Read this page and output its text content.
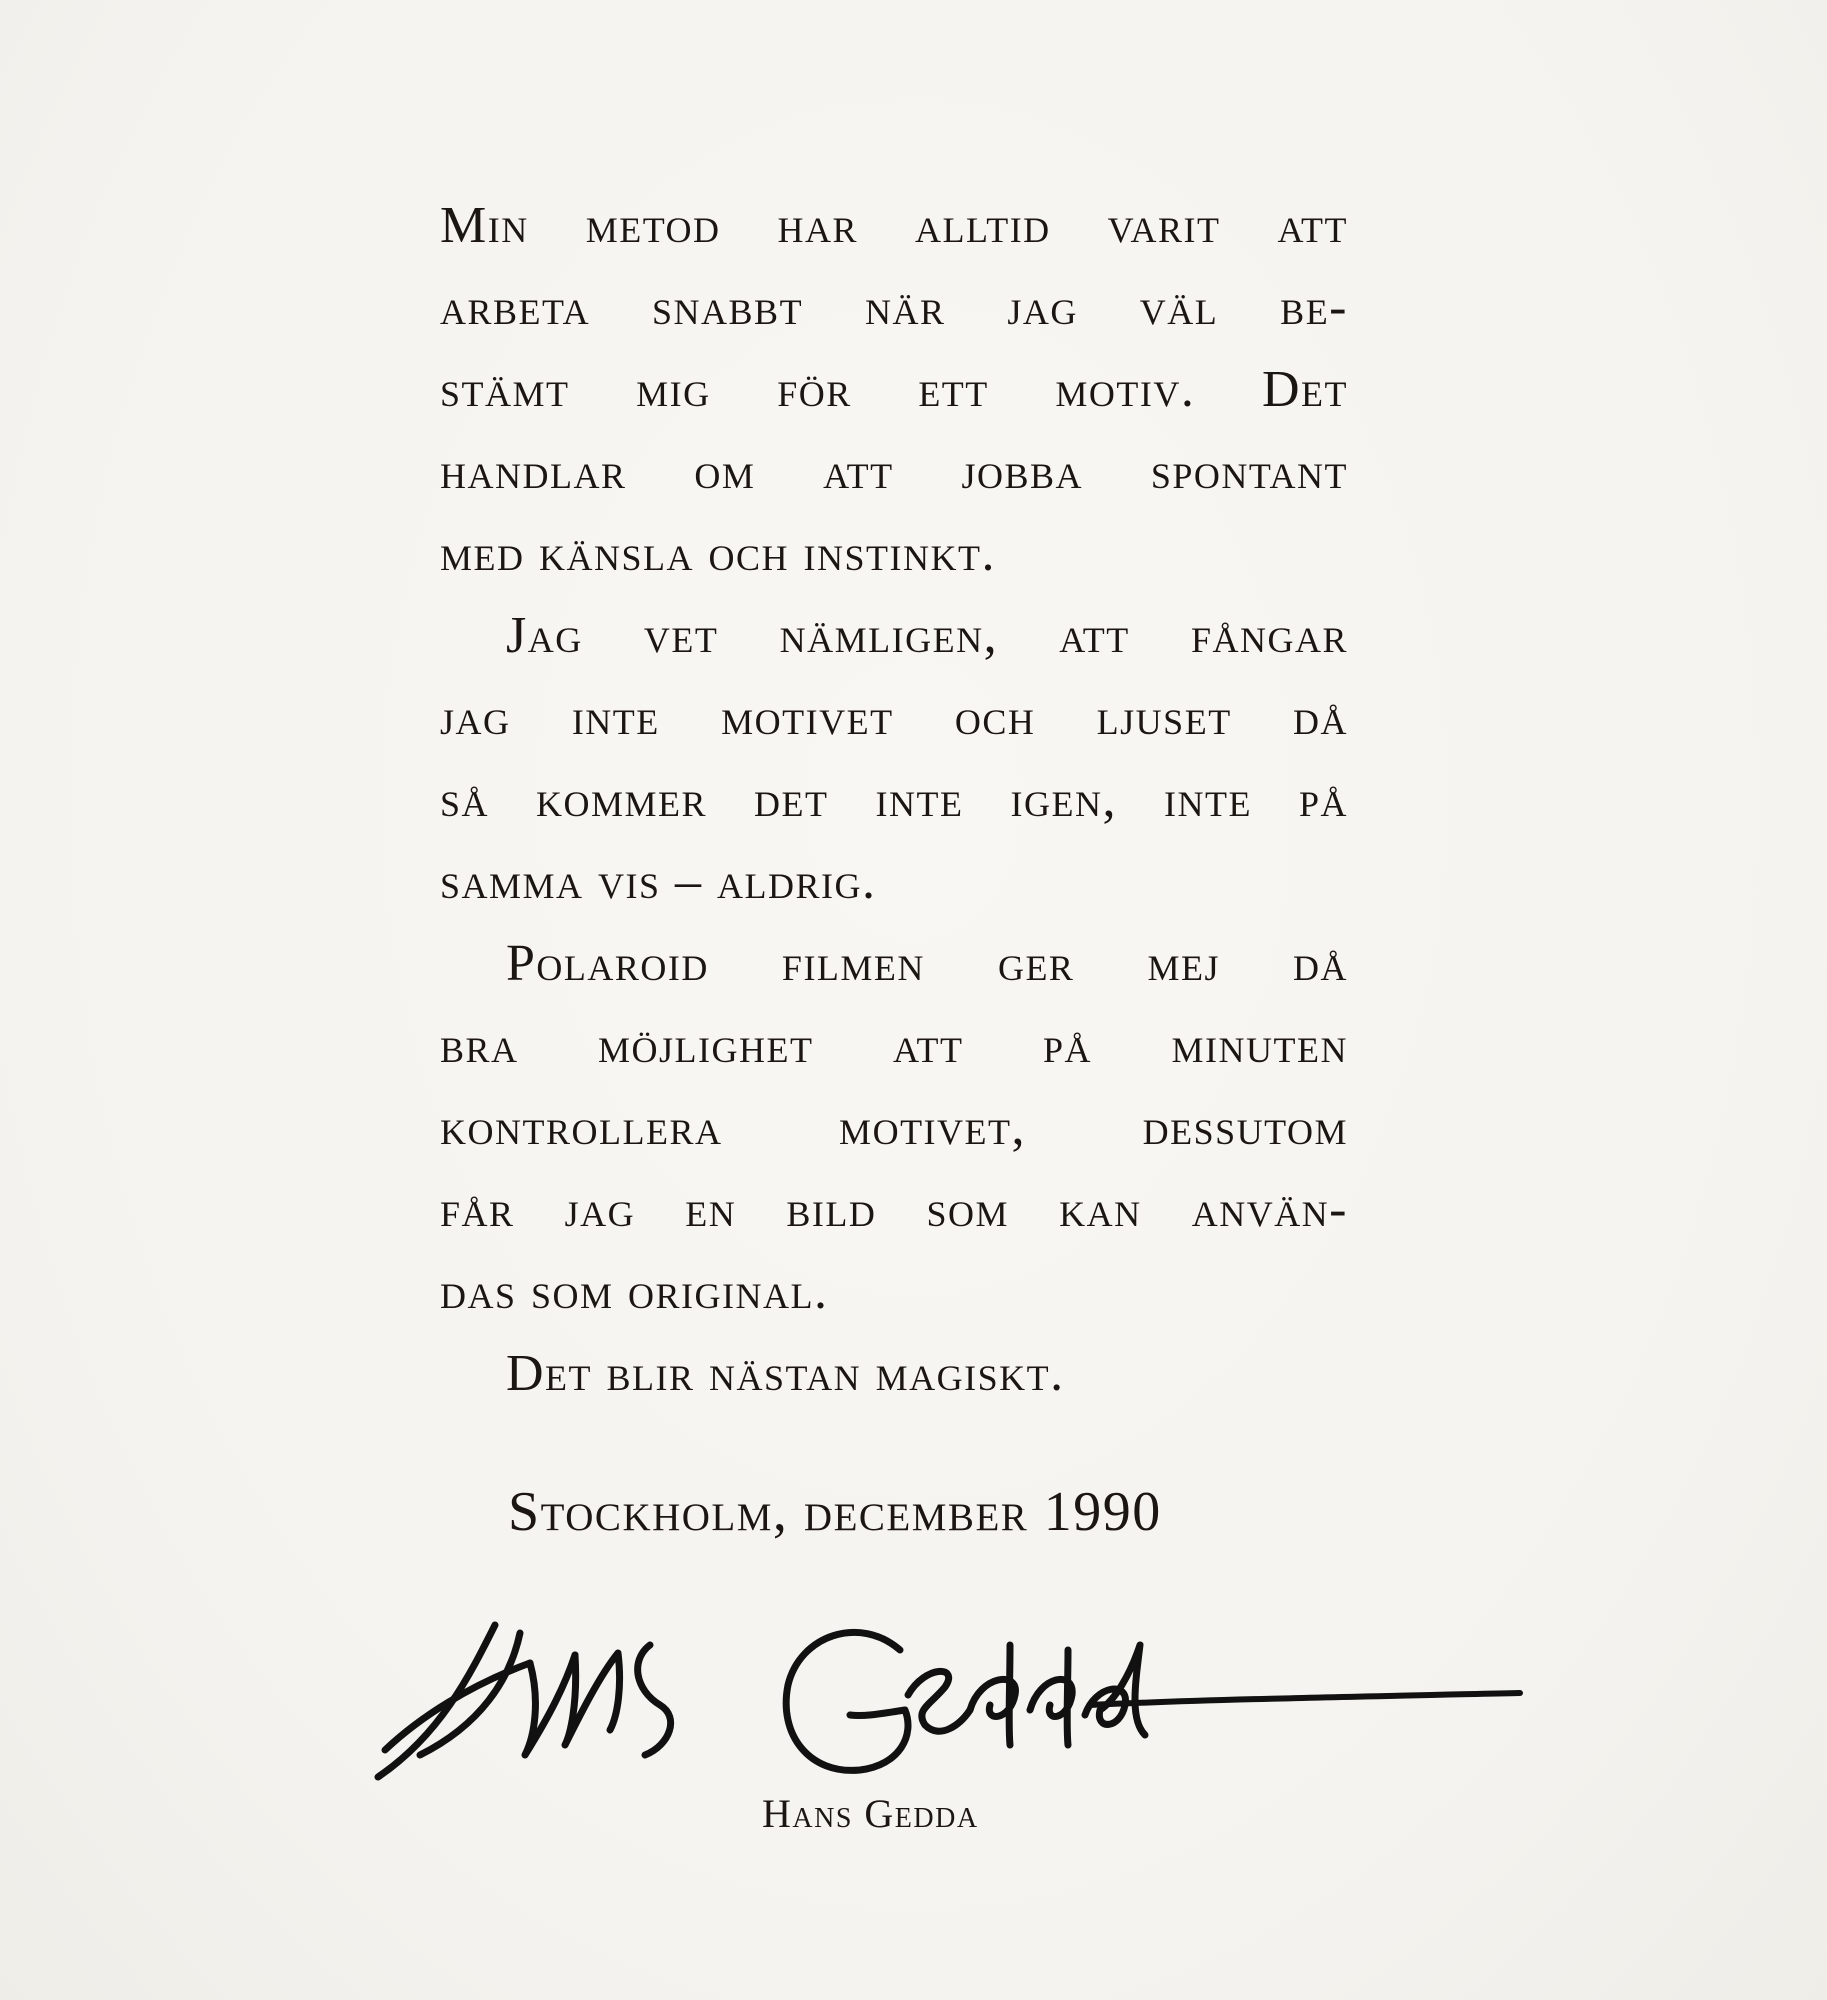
Min metod har alltid varit att
arbeta snabbt när jag väl be-
stämt mig för ett motiv. Det
handlar om att jobba spontant
med känsla och instinkt.
Jag vet nämligen, att fångar
jag inte motivet och ljuset då
så kommer det inte igen, inte på
samma vis – aldrig.
Polaroid filmen ger mej då
bra möjlighet att på minuten
kontrollera motivet, dessutom
får jag en bild som kan använ-
das som original.
Det blir nästan magiskt.
Stockholm, december 1990
Hans Gedda
